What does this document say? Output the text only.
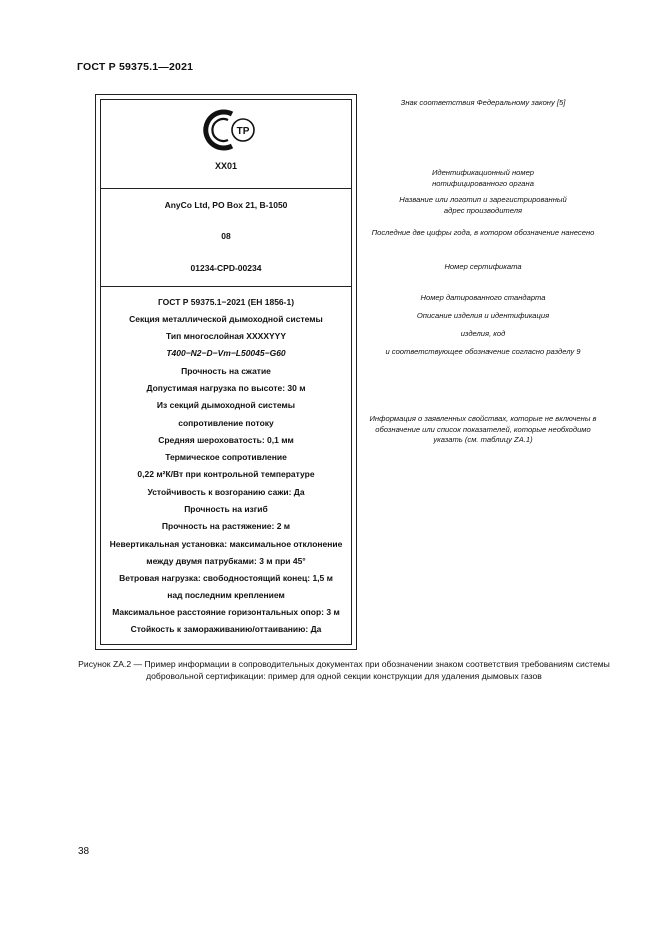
ГОСТ Р 59375.1—2021
ТР
XX01
AnyCo Ltd, PO Box 21, B-1050
08
01234-CPD-00234
ГОСТ Р 59375.1−2021 (ЕН 1856-1)
Секция металлической дымоходной системы
Тип многослойная XXXXYYY
Т400−N2−D−Vm−L50045−G60
Прочность на сжатие
Допустимая нагрузка по высоте: 30 м
Из секций дымоходной системы
сопротивление потоку
Средняя шероховатость: 0,1 мм
Термическое сопротивление
0,22 м²К/Вт при контрольной температуре
Устойчивость к возгоранию сажи: Да
Прочность на изгиб
Прочность на растяжение: 2 м
Невертикальная установка: максимальное отклонение между двумя патрубками: 3 м при 45°
Ветровая нагрузка: свободностоящий конец: 1,5 м
над последним креплением
Максимальное расстояние горизонтальных опор: 3 м
Стойкость к замораживанию/оттаиванию: Да
Знак соответствия Федеральному закону [5]
Идентификационный номер нотифицированного органа
Название или логотип и зарегистрированный адрес производителя
Последние две цифры года, в котором обозначение нанесено
Номер сертификата
Номер датированного стандарта
Описание изделия и идентификация
изделия, код
и соответствующее обозначение согласно разделу 9
Информация о заявленных свойствах, которые не включены в обозначение или список показателей, которые необходимо указать (см. таблицу ZA.1)
Рисунок ZA.2 — Пример информации в сопроводительных документах при обозначении знаком соответствия требованиям системы добровольной сертификации: пример для одной секции конструкции для удаления дымовых газов
38
